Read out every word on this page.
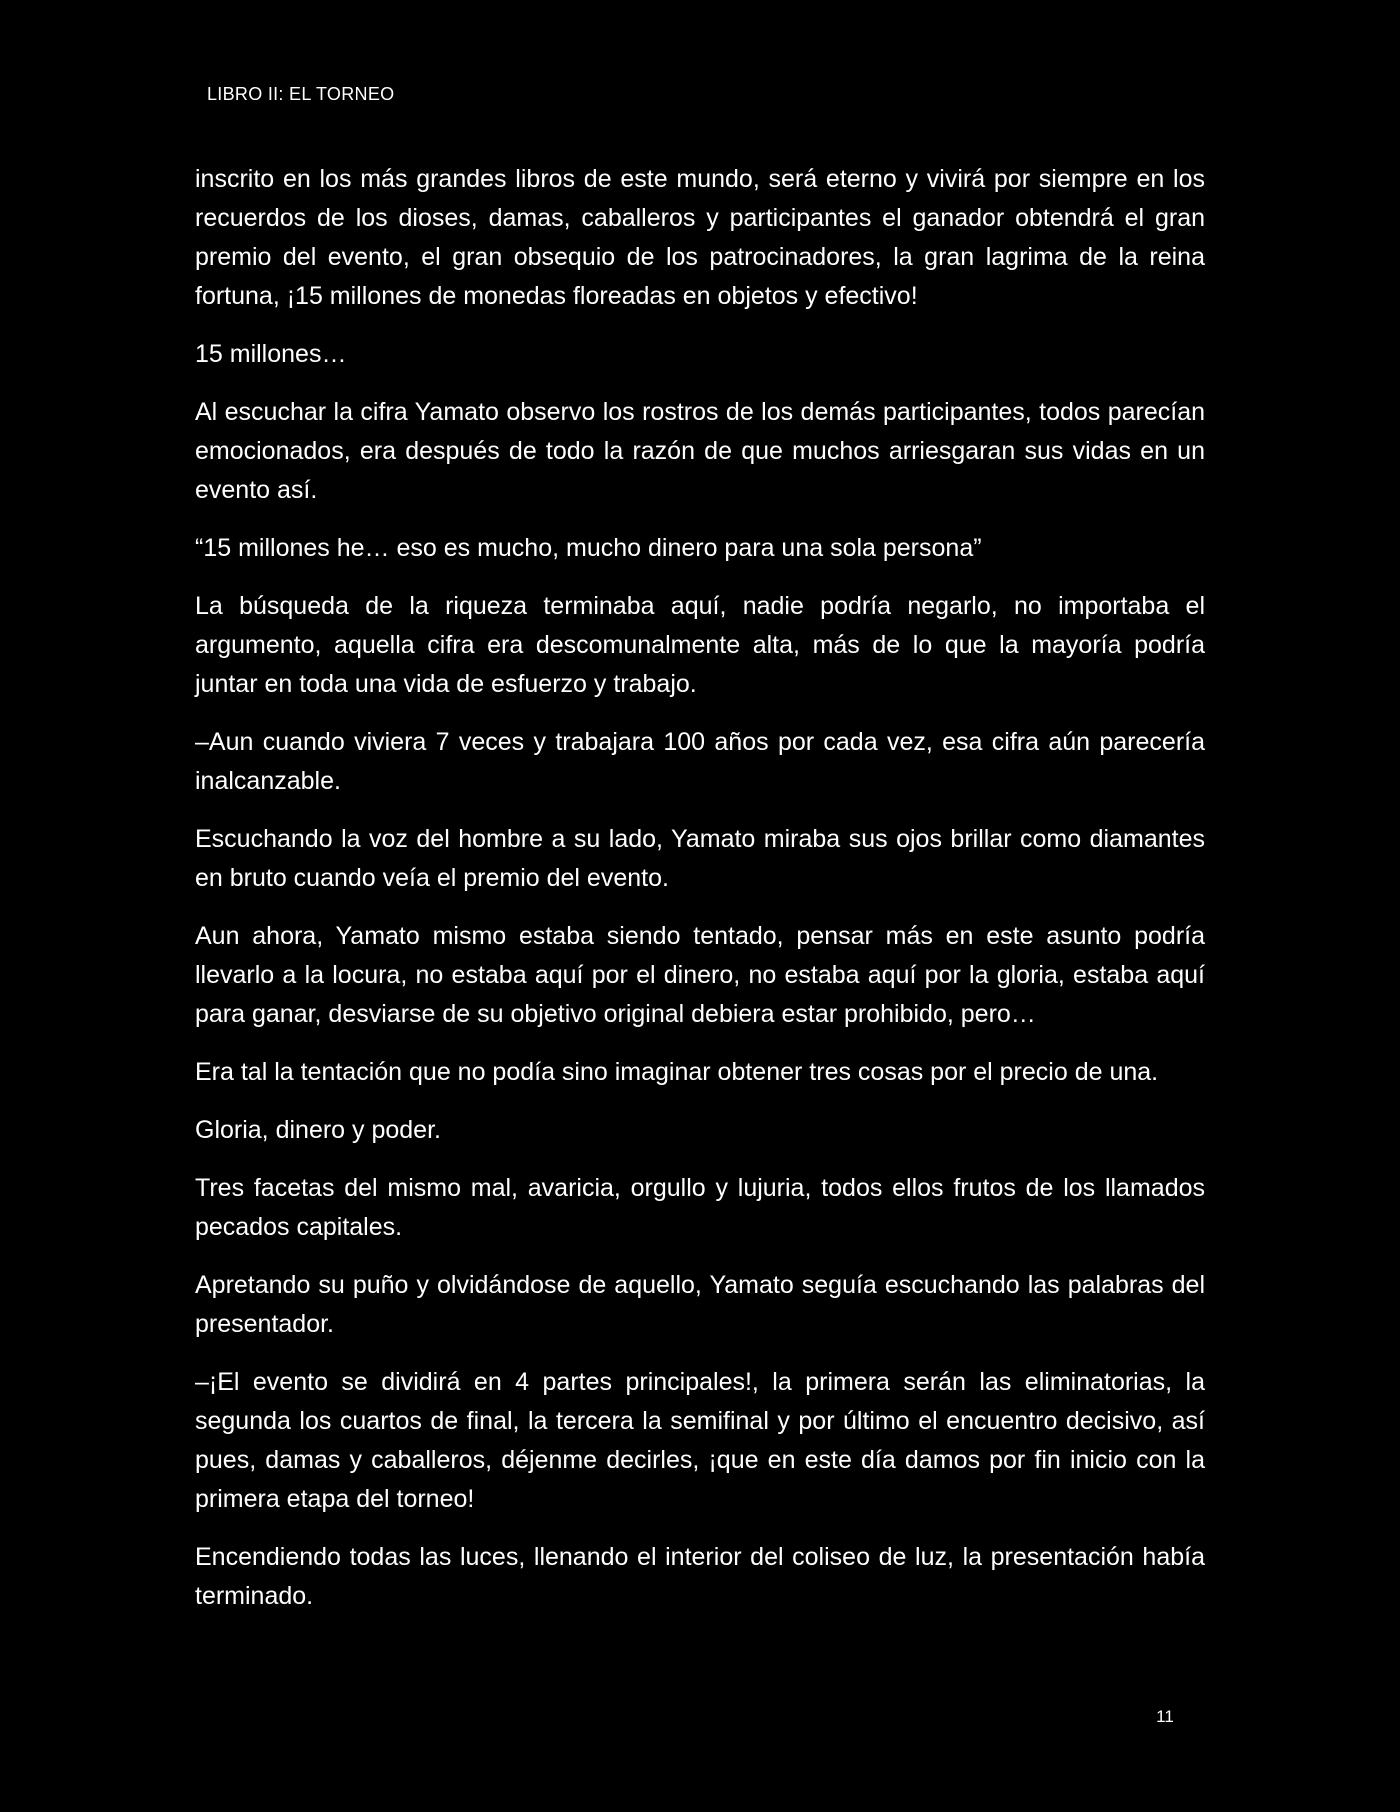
LIBRO II: EL TORNEO

inscrito en los más grandes libros de este mundo, será eterno y vivirá por siempre en los recuerdos de los dioses, damas, caballeros y participantes el ganador obtendrá el gran premio del evento, el gran obsequio de los patrocinadores, la gran lagrima de la reina fortuna, ¡15 millones de monedas floreadas en objetos y efectivo!

15 millones…

Al escuchar la cifra Yamato observo los rostros de los demás participantes, todos parecían emocionados, era después de todo la razón de que muchos arriesgaran sus vidas en un evento así.

“15 millones he… eso es mucho, mucho dinero para una sola persona”

La búsqueda de la riqueza terminaba aquí, nadie podría negarlo, no importaba el argumento, aquella cifra era descomunalmente alta, más de lo que la mayoría podría juntar en toda una vida de esfuerzo y trabajo.

–Aun cuando viviera 7 veces y trabajara 100 años por cada vez, esa cifra aún parecería inalcanzable.

Escuchando la voz del hombre a su lado, Yamato miraba sus ojos brillar como diamantes en bruto cuando veía el premio del evento.

Aun ahora, Yamato mismo estaba siendo tentado, pensar más en este asunto podría llevarlo a la locura, no estaba aquí por el dinero, no estaba aquí por la gloria, estaba aquí para ganar, desviarse de su objetivo original debiera estar prohibido, pero…

Era tal la tentación que no podía sino imaginar obtener tres cosas por el precio de una.

Gloria, dinero y poder.

Tres facetas del mismo mal, avaricia, orgullo y lujuria, todos ellos frutos de los llamados pecados capitales.

Apretando su puño y olvidándose de aquello, Yamato seguía escuchando las palabras del presentador.

–¡El evento se dividirá en 4 partes principales!, la primera serán las eliminatorias, la segunda los cuartos de final, la tercera la semifinal y por último el encuentro decisivo, así pues, damas y caballeros, déjenme decirles, ¡que en este día damos por fin inicio con la primera etapa del torneo!

Encendiendo todas las luces, llenando el interior del coliseo de luz, la presentación había terminado.

11
